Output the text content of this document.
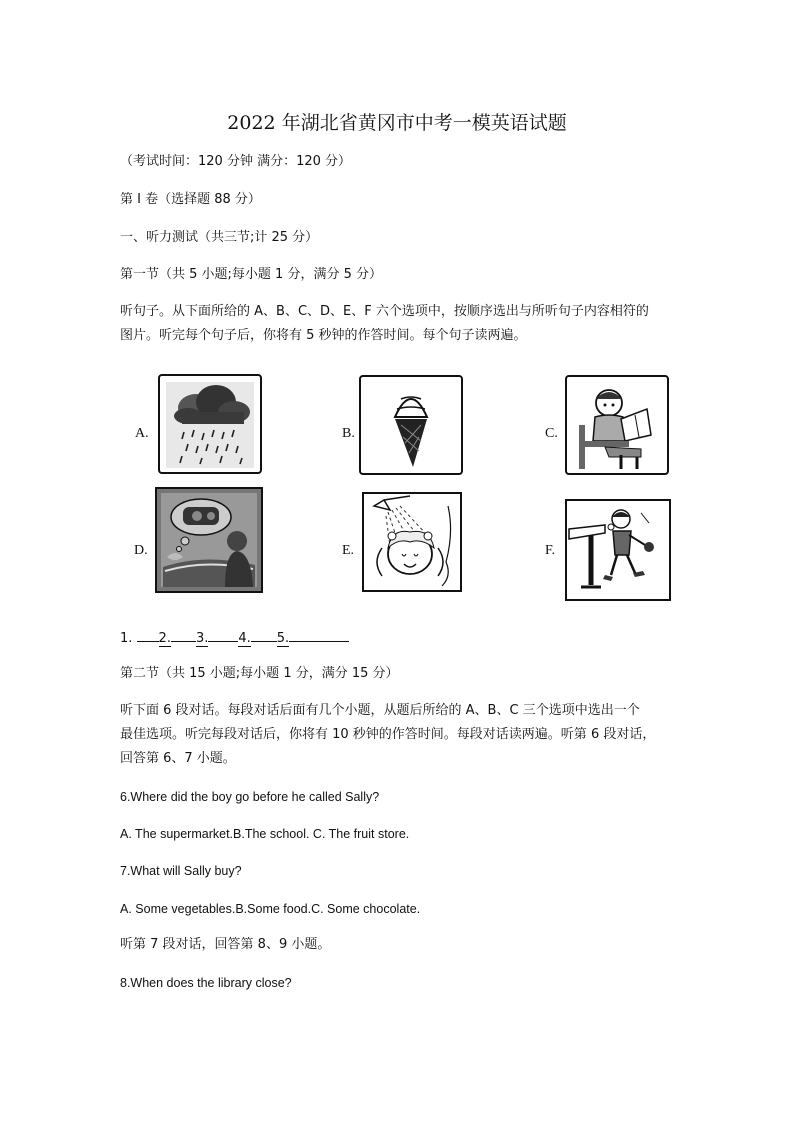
2022 年湖北省黄冈市中考一模英语试题
（考试时间：120 分钟 满分：120 分）
第 I 卷（选择题 88 分）
一、听力测试（共三节;计 25 分）
第一节（共 5 小题;每小题 1 分，满分 5 分）
听句子。从下面所给的 A、B、C、D、E、F 六个选项中，按顺序选出与所听句子内容相符的
图片。听完每个句子后，你将有 5 秒钟的作答时间。每个句子读两遍。
A.	B.	C.
D.	E.	F.
1. 2. 3. 4. 5.
第二节（共 15 小题;每小题 1 分，满分 15 分）
听下面 6 段对话。每段对话后面有几个小题，从题后所给的 A、B、C 三个选项中选出一个
最佳选项。听完每段对话后，你将有 10 秒钟的作答时间。每段对话读两遍。听第 6 段对话，
回答第 6、7 小题。
6.Where did the boy go before he called Sally?
A. The supermarket.B.The school. C. The fruit store.
7.What will Sally buy?
A. Some vegetables.B.Some food.C. Some chocolate.
听第 7 段对话，回答第 8、9 小题。
8.When does the library close?
